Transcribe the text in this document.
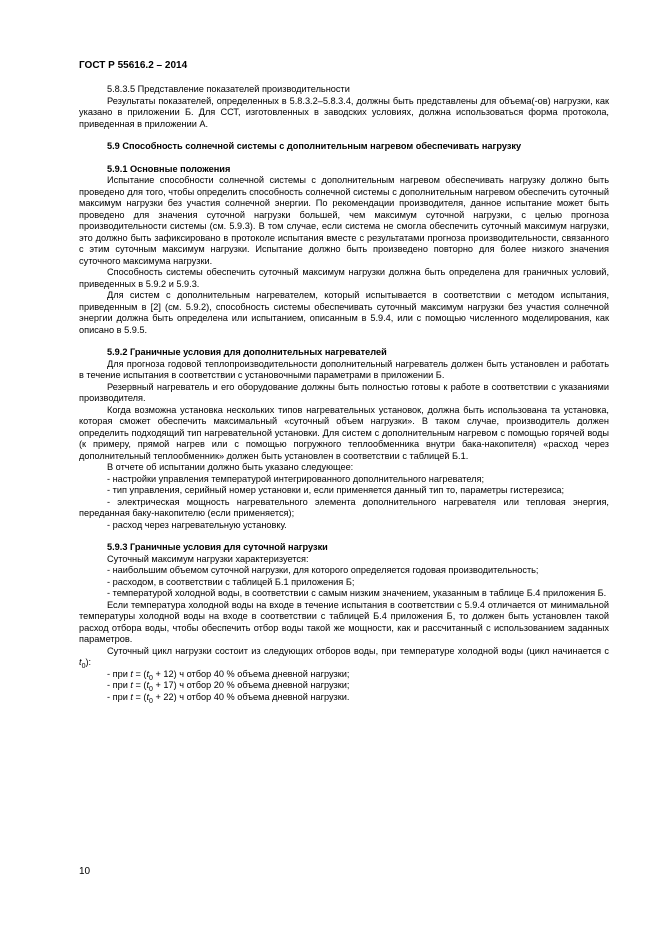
ГОСТ Р 55616.2 – 2014

5.8.3.5 Представление показателей производительности

Результаты показателей, определенных в 5.8.3.2–5.8.3.4, должны быть представлены для объема(-ов) нагрузки, как указано в приложении Б. Для ССТ, изготовленных в заводских условиях, должна использоваться форма протокола, приведенная в приложении А.

5.9 Способность солнечной системы с дополнительным нагревом обеспечивать нагрузку

5.9.1 Основные положения

Испытание способности солнечной системы с дополнительным нагревом обеспечивать нагрузку должно быть проведено для того, чтобы определить способность солнечной системы с дополнительным нагревом обеспечить суточный максимум нагрузки без участия солнечной энергии. По рекомендации производителя, данное испытание может быть проведено для значения суточной нагрузки большей, чем максимум суточной нагрузки, с целью прогноза производительности системы (см. 5.9.3). В том случае, если система не смогла обеспечить суточный максимум нагрузки, это должно быть зафиксировано в протоколе испытания вместе с результатами прогноза производительности, связанного с этим суточным максимум нагрузки. Испытание должно быть произведено повторно для более низкого значения суточного максимума нагрузки.

Способность системы обеспечить суточный максимум нагрузки должна быть определена для граничных условий, приведенных в 5.9.2 и 5.9.3.

Для систем с дополнительным нагревателем, который испытывается в соответствии с методом испытания, приведенным в [2] (см. 5.9.2), способность системы обеспечивать суточный максимум нагрузки без участия солнечной энергии должна быть определена или испытанием, описанным в 5.9.4, или с помощью численного моделирования, как описано в 5.9.5.

5.9.2 Граничные условия для дополнительных нагревателей

Для прогноза годовой теплопроизводительности дополнительный нагреватель должен быть установлен и работать в течение испытания в соответствии с установочными параметрами в приложении Б.

Резервный нагреватель и его оборудование должны быть полностью готовы к работе в соответствии с указаниями производителя.

Когда возможна установка нескольких типов нагревательных установок, должна быть использована та установка, которая сможет обеспечить максимальный «суточный объем нагрузки». В таком случае, производитель должен определить подходящий тип нагревательной установки. Для систем с дополнительным нагревом с помощью горячей воды (к примеру, прямой нагрев или с помощью погружного теплообменника внутри бака-накопителя) «расход через дополнительный теплообменник» должен быть установлен в соответствии с таблицей Б.1.

В отчете об испытании должно быть указано следующее:

- настройки управления температурой интегрированного дополнительного нагревателя;

- тип управления, серийный номер установки и, если применяется данный тип то, параметры гистерезиса;

- электрическая мощность нагревательного элемента дополнительного нагревателя или тепловая энергия, переданная баку-накопителю (если применяется);

- расход через нагревательную установку.

5.9.3 Граничные условия для суточной нагрузки

Суточный максимум нагрузки характеризуется:

- наибольшим объемом суточной нагрузки, для которого определяется годовая производительность;

- расходом, в соответствии с таблицей Б.1 приложения Б;

- температурой холодной воды, в соответствии с самым низким значением, указанным в таблице Б.4 приложения Б.

Если температура холодной воды на входе в течение испытания в соответствии с 5.9.4 отличается от минимальной температуры холодной воды на входе в соответствии с таблицей Б.4 приложения Б, то должен быть установлен такой расход отбора воды, чтобы обеспечить отбор воды такой же мощности, как и рассчитанный с использованием заданных параметров.

Суточный цикл нагрузки состоит из следующих отборов воды, при температуре холодной воды (цикл начинается с $t_0$):

- при $t = (t_0 + 12)$ ч отбор 40 % объема дневной нагрузки;

- при $t = (t_0 + 17)$ ч отбор 20 % объема дневной нагрузки;

- при $t = (t_0 + 22)$ ч отбор 40 % объема дневной нагрузки.

10
